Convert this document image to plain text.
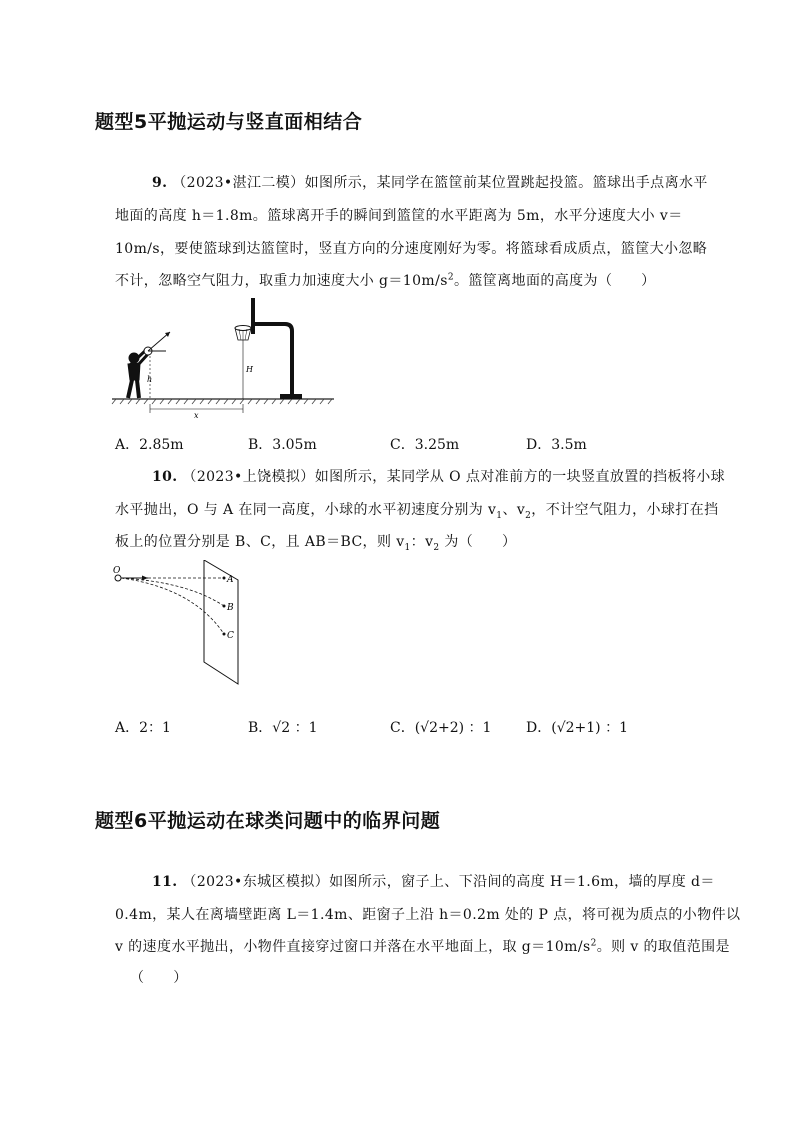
题型5平抛运动与竖直面相结合
9. （2023•湛江二模）如图所示，某同学在篮筐前某位置跳起投篮。篮球出手点离水平
地面的高度 h＝1.8m。篮球离开手的瞬间到篮筐的水平距离为 5m，水平分速度大小 v＝
10m/s，要使篮球到达篮筐时，竖直方向的分速度刚好为零。将篮球看成质点，篮筐大小忽略
不计，忽略空气阻力，取重力加速度大小 $g=10m/s^2$。篮筐离地面的高度为（　　）
h
x
H
A．2.85m	B．3.05m	C．3.25m	D．3.5m
10. （2023•上饶模拟）如图所示，某同学从 O 点对准前方的一块竖直放置的挡板将小球
水平抛出，O 与 A 在同一高度，小球的水平初速度分别为 $v_1$、$v_2$，不计空气阻力，小球打在挡
板上的位置分别是 B、C，且 AB＝BC，则 $v_1$：$v_2$ 为（　　）
O
A
B
C
A．2：1	B．√2 ：1	C．(√2+2) ：1 D．(√2+1) ：1
题型6平抛运动在球类问题中的临界问题
11. （2023•东城区模拟）如图所示，窗子上、下沿间的高度 H＝1.6m，墙的厚度 d＝
0.4m，某人在离墙壁距离 L＝1.4m、距窗子上沿 h＝0.2m 处的 P 点，将可视为质点的小物件以
v 的速度水平抛出，小物件直接穿过窗口并落在水平地面上，取 $g=10m/s^2$。则 v 的取值范围是
（　　）
